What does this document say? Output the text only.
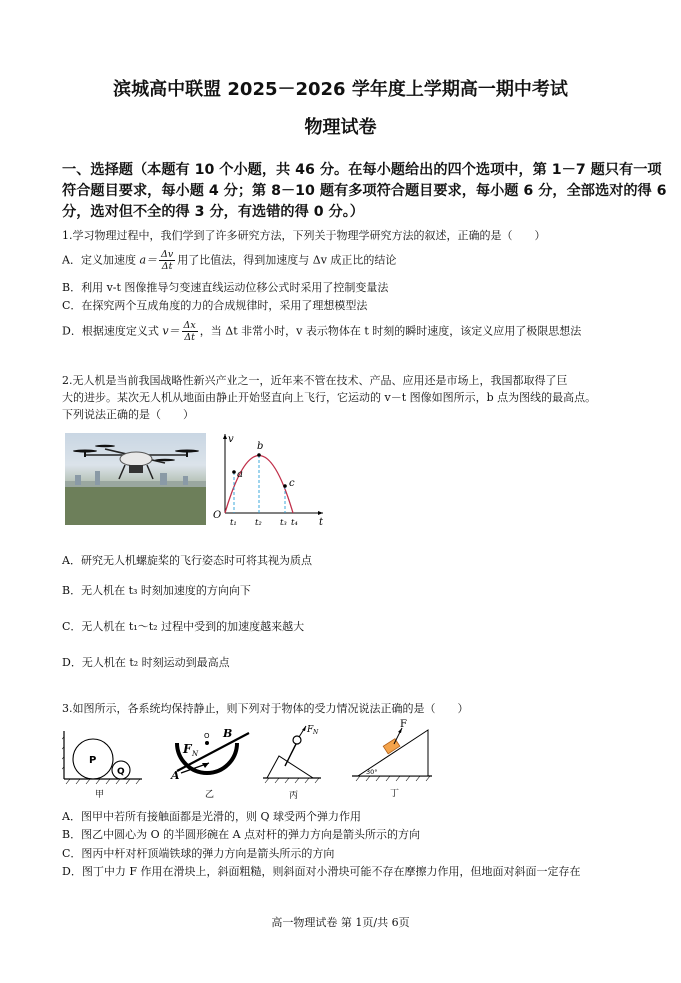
滨城高中联盟 2025－2026 学年度上学期高一期中考试
物理试卷
一、选择题（本题有 10 个小题，共 46 分。在每小题给出的四个选项中，第 1－7 题只有一项
符合题目要求，每小题 4 分；第 8－10 题有多项符合题目要求，每小题 6 分，全部选对的得 6
分，选对但不全的得 3 分，有选错的得 0 分。）
1.学习物理过程中，我们学到了许多研究方法，下列关于物理学研究方法的叙述，正确的是（　　）
A．定义加速度 $a= \frac{\Delta v}{\Delta t}$ 用了比值法，得到加速度与 Δv 成正比的结论
B．利用 v-t 图像推导匀变速直线运动位移公式时采用了控制变量法
C．在探究两个互成角度的力的合成规律时，采用了理想模型法
D．根据速度定义式 $v= \frac{\Delta x}{\Delta t}$ ，当 Δt 非常小时，v 表示物体在 t 时刻的瞬时速度，该定义应用了极限思想法
2.无人机是当前我国战略性新兴产业之一，近年来不管在技术、产品、应用还是市场上，我国都取得了巨
大的进步。某次无人机从地面由静止开始竖直向上飞行，它运动的 v－t 图像如图所示，b 点为图线的最高点。
下列说法正确的是（　　）
v
t
O
a
b
c
t₁ t₂ t₃ t₄
A．研究无人机螺旋桨的飞行姿态时可将其视为质点
B．无人机在 t₃ 时刻加速度的方向向下
C．无人机在 t₁～t₂ 过程中受到的加速度越来越大
D．无人机在 t₂ 时刻运动到最高点
3.如图所示，各系统均保持静止，则下列对于物体的受力情况说法正确的是（　　）
P
Q
甲
F N
A
B
O
乙
F N
丙
F
30°
丁
A．图甲中若所有接触面都是光滑的，则 Q 球受两个弹力作用
B．图乙中圆心为 O 的半圆形碗在 A 点对杆的弹力方向是箭头所示的方向
C．图丙中杆对杆顶端铁球的弹力方向是箭头所示的方向
D．图丁中力 F 作用在滑块上，斜面粗糙，则斜面对小滑块可能不存在摩擦力作用，但地面对斜面一定存在
高一物理试卷 第 1页/共 6页
